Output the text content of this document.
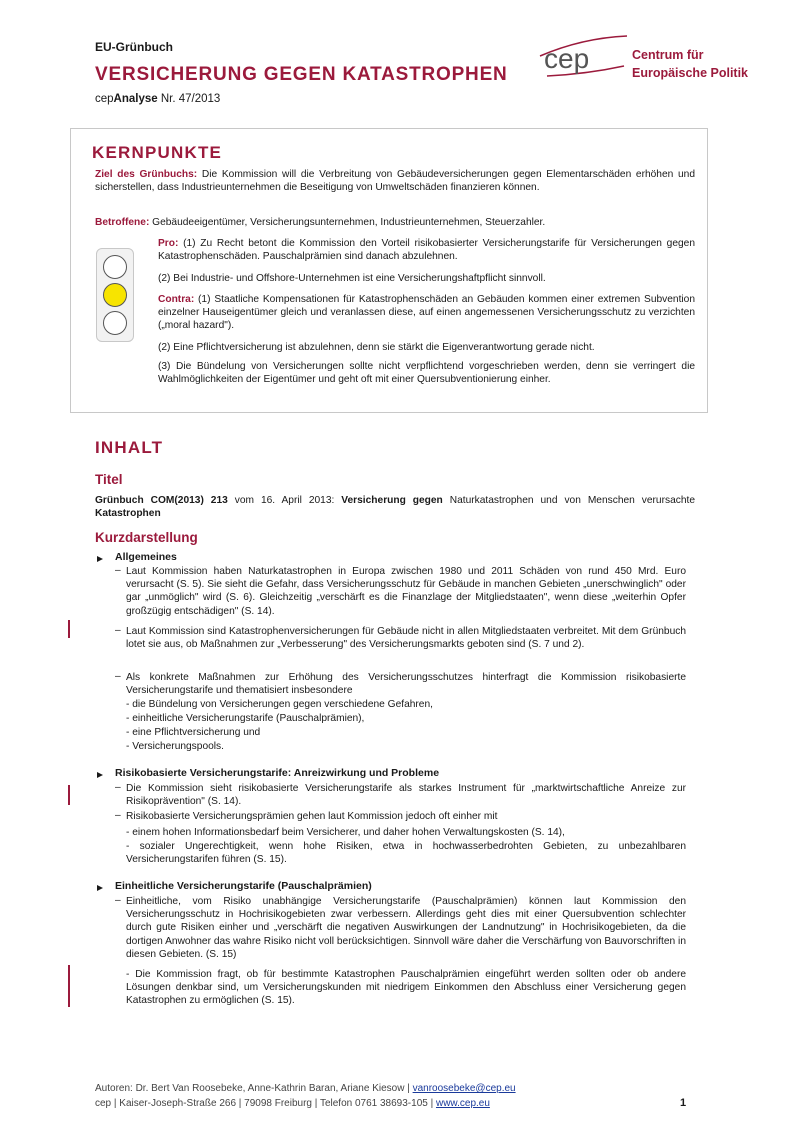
EU-Grünbuch
VERSICHERUNG GEGEN KATASTROPHEN
cepAnalyse Nr. 47/2013
cep	Centrum für
Europäische Politik
KERNPUNKTE
Ziel des Grünbuchs: Die Kommission will die Verbreitung von Gebäudeversicherungen gegen Elementarschäden erhöhen und sicherstellen, dass Industrieunternehmen die Beseitigung von Umweltschäden finanzieren können.
Betroffene: Gebäudeeigentümer, Versicherungsunternehmen, Industrieunternehmen, Steuerzahler.
Pro: (1) Zu Recht betont die Kommission den Vorteil risikobasierter Versicherungstarife für Versicherungen gegen Katastrophenschäden. Pauschalprämien sind danach abzulehnen.
(2) Bei Industrie- und Offshore-Unternehmen ist eine Versicherungshaftpflicht sinnvoll.
Contra: (1) Staatliche Kompensationen für Katastrophenschäden an Gebäuden kommen einer extremen Subvention einzelner Hauseigentümer gleich und veranlassen diese, auf einen angemessenen Versicherungsschutz zu verzichten („moral hazard").
(2) Eine Pflichtversicherung ist abzulehnen, denn sie stärkt die Eigenverantwortung gerade nicht.
(3) Die Bündelung von Versicherungen sollte nicht verpflichtend vorgeschrieben werden, denn sie verringert die Wahlmöglichkeiten der Eigentümer und geht oft mit einer Quersubventionierung einher.
INHALT
Titel
Grünbuch COM(2013) 213 vom 16. April 2013: Versicherung gegen Naturkatastrophen und von Menschen verursachte Katastrophen
Kurzdarstellung
Allgemeines
– Laut Kommission haben Naturkatastrophen in Europa zwischen 1980 und 2011 Schäden von rund 450 Mrd. Euro verursacht (S. 5). Sie sieht die Gefahr, dass Versicherungsschutz für Gebäude in manchen Gebieten „unerschwinglich" oder gar „unmöglich" wird (S. 6). Gleichzeitig „verschärft es die Finanzlage der Mitgliedstaaten", wenn diese „weiterhin Opfer großzügig entschädigen" (S. 14).
– Laut Kommission sind Katastrophenversicherungen für Gebäude nicht in allen Mitgliedstaaten verbreitet. Mit dem Grünbuch lotet sie aus, ob Maßnahmen zur „Verbesserung" des Versicherungsmarkts geboten sind (S. 7 und 2).
– Als konkrete Maßnahmen zur Erhöhung des Versicherungsschutzes hinterfragt die Kommission risikobasierte Versicherungstarife und thematisiert insbesondere
- die Bündelung von Versicherungen gegen verschiedene Gefahren,
- einheitliche Versicherungstarife (Pauschalprämien),
- eine Pflichtversicherung und
- Versicherungspools.
Risikobasierte Versicherungstarife: Anreizwirkung und Probleme
– Die Kommission sieht risikobasierte Versicherungstarife als starkes Instrument für „marktwirtschaftliche Anreize zur Risikoprävention" (S. 14).
– Risikobasierte Versicherungsprämien gehen laut Kommission jedoch oft einher mit
- einem hohen Informationsbedarf beim Versicherer, und daher hohen Verwaltungskosten (S. 14),
- sozialer Ungerechtigkeit, wenn hohe Risiken, etwa in hochwasserbedrohten Gebieten, zu unbezahlbaren Versicherungstarifen führen (S. 15).
Einheitliche Versicherungstarife (Pauschalprämien)
– Einheitliche, vom Risiko unabhängige Versicherungstarife (Pauschalprämien) können laut Kommission den Versicherungsschutz in Hochrisikogebieten zwar verbessern. Allerdings geht dies mit einer Quersubvention schlechter durch gute Risiken einher und „verschärft die negativen Auswirkungen der Landnutzung" in Hochrisikogebieten, da die dortigen Anwohner das wahre Risiko nicht voll berücksichtigen. Sinnvoll wäre daher die Verschärfung von Bauvorschriften in diesen Gebieten. (S. 15)
- Die Kommission fragt, ob für bestimmte Katastrophen Pauschalprämien eingeführt werden sollten oder ob andere Lösungen denkbar sind, um Versicherungskunden mit niedrigem Einkommen den Abschluss einer Versicherung gegen Katastrophen zu ermöglichen (S. 15).
Autoren: Dr. Bert Van Roosebeke, Anne-Kathrin Baran, Ariane Kiesow | vanroosebeke@cep.eu
cep | Kaiser-Joseph-Straße 266 | 79098 Freiburg | Telefon 0761 38693-105 | www.cep.eu	1
